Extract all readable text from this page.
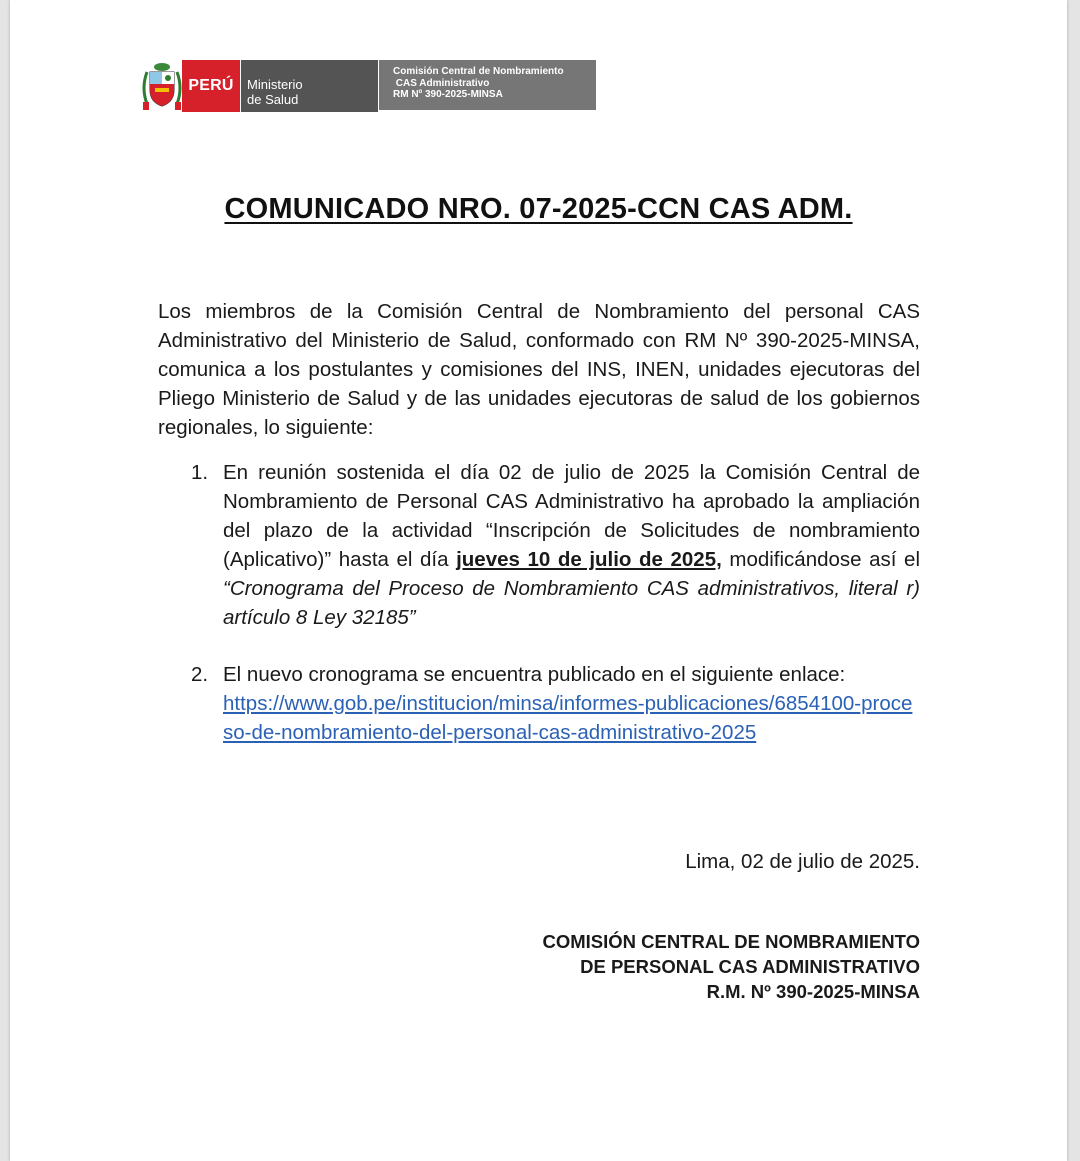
PERÚ Ministerio
de Salud
Comisión Central de Nombramiento
CAS Administrativo
RM Nº 390-2025-MINSA
COMUNICADO NRO. 07-2025-CCN CAS ADM.
Los miembros de la Comisión Central de Nombramiento del personal CAS Administrativo del Ministerio de Salud, conformado con RM Nº 390-2025-MINSA, comunica a los postulantes y comisiones del INS, INEN, unidades ejecutoras del Pliego Ministerio de Salud y de las unidades ejecutoras de salud de los gobiernos regionales, lo siguiente:
1. En reunión sostenida el día 02 de julio de 2025 la Comisión Central de Nombramiento de Personal CAS Administrativo ha aprobado la ampliación del plazo de la actividad “Inscripción de Solicitudes de nombramiento (Aplicativo)” hasta el día jueves 10 de julio de 2025, modificándose así el “Cronograma del Proceso de Nombramiento CAS administrativos, literal r) artículo 8 Ley 32185”
2. El nuevo cronograma se encuentra publicado en el siguiente enlace:
https://www.gob.pe/institucion/minsa/informes-publicaciones/6854100-proceso-de-nombramiento-del-personal-cas-administrativo-2025
Lima, 02 de julio de 2025.
COMISIÓN CENTRAL DE NOMBRAMIENTO
DE PERSONAL CAS ADMINISTRATIVO
R.M. Nº 390-2025-MINSA
